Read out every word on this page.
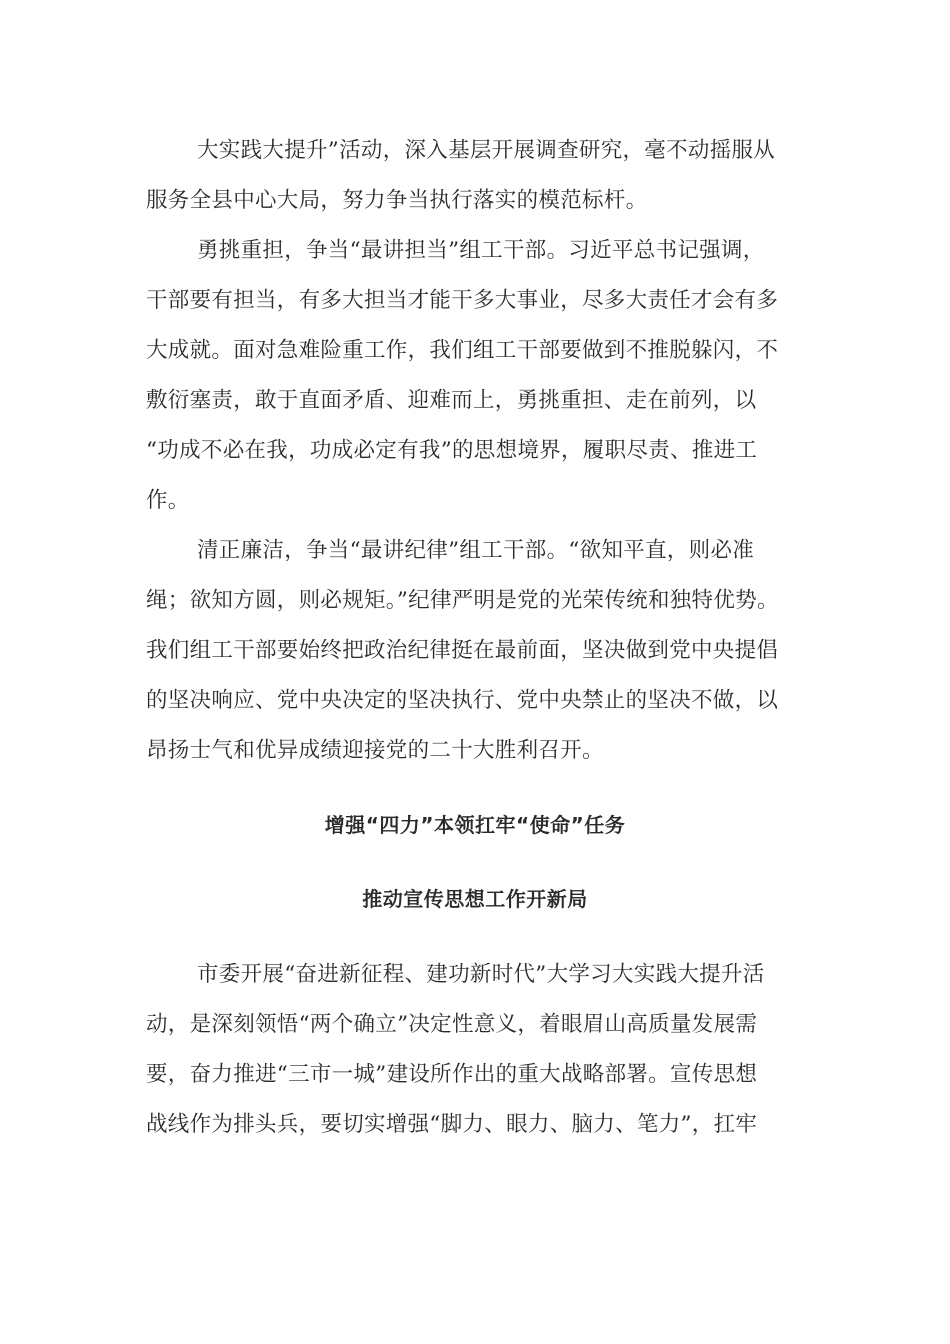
大实践大提升”活动，深入基层开展调查研究，毫不动摇服从
服务全县中心大局，努力争当执行落实的模范标杆。
勇挑重担，争当“最讲担当”组工干部。习近平总书记强调，
干部要有担当，有多大担当才能干多大事业，尽多大责任才会有多
大成就。面对急难险重工作，我们组工干部要做到不推脱躲闪，不
敷衍塞责，敢于直面矛盾、迎难而上，勇挑重担、走在前列，以
“功成不必在我，功成必定有我”的思想境界，履职尽责、推进工
作。
清正廉洁，争当“最讲纪律”组工干部。“欲知平直，则必准
绳；欲知方圆，则必规矩。”纪律严明是党的光荣传统和独特优势。
我们组工干部要始终把政治纪律挺在最前面，坚决做到党中央提倡
的坚决响应、党中央决定的坚决执行、党中央禁止的坚决不做，以
昂扬士气和优异成绩迎接党的二十大胜利召开。
增强“四力”本领扛牢“使命”任务
推动宣传思想工作开新局
市委开展“奋进新征程、建功新时代”大学习大实践大提升活
动，是深刻领悟“两个确立”决定性意义，着眼眉山高质量发展需
要，奋力推进“三市一城”建设所作出的重大战略部署。宣传思想
战线作为排头兵，要切实增强“脚力、眼力、脑力、笔力”，扛牢
